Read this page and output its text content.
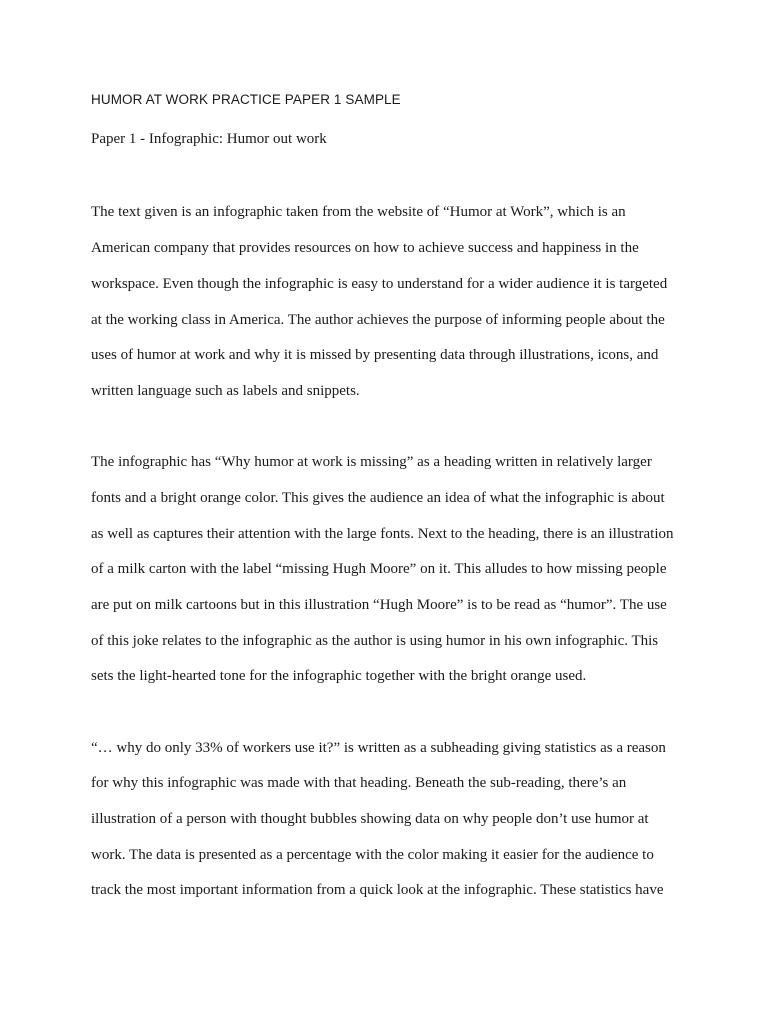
HUMOR AT WORK PRACTICE PAPER 1 SAMPLE

Paper 1 - Infographic: Humor out work

The text given is an infographic taken from the website of “Humor at Work”, which is an

American company that provides resources on how to achieve success and happiness in the

workspace. Even though the infographic is easy to understand for a wider audience it is targeted

at the working class in America. The author achieves the purpose of informing people about the

uses of humor at work and why it is missed by presenting data through illustrations, icons, and

written language such as labels and snippets.

The infographic has “Why humor at work is missing” as a heading written in relatively larger

fonts and a bright orange color. This gives the audience an idea of what the infographic is about

as well as captures their attention with the large fonts. Next to the heading, there is an illustration

of a milk carton with the label “missing Hugh Moore” on it. This alludes to how missing people

are put on milk cartoons but in this illustration “Hugh Moore” is to be read as “humor”. The use

of this joke relates to the infographic as the author is using humor in his own infographic. This

sets the light-hearted tone for the infographic together with the bright orange used.

“… why do only 33% of workers use it?” is written as a subheading giving statistics as a reason

for why this infographic was made with that heading. Beneath the sub-reading, there’s an

illustration of a person with thought bubbles showing data on why people don’t use humor at

work. The data is presented as a percentage with the color making it easier for the audience to

track the most important information from a quick look at the infographic. These statistics have
